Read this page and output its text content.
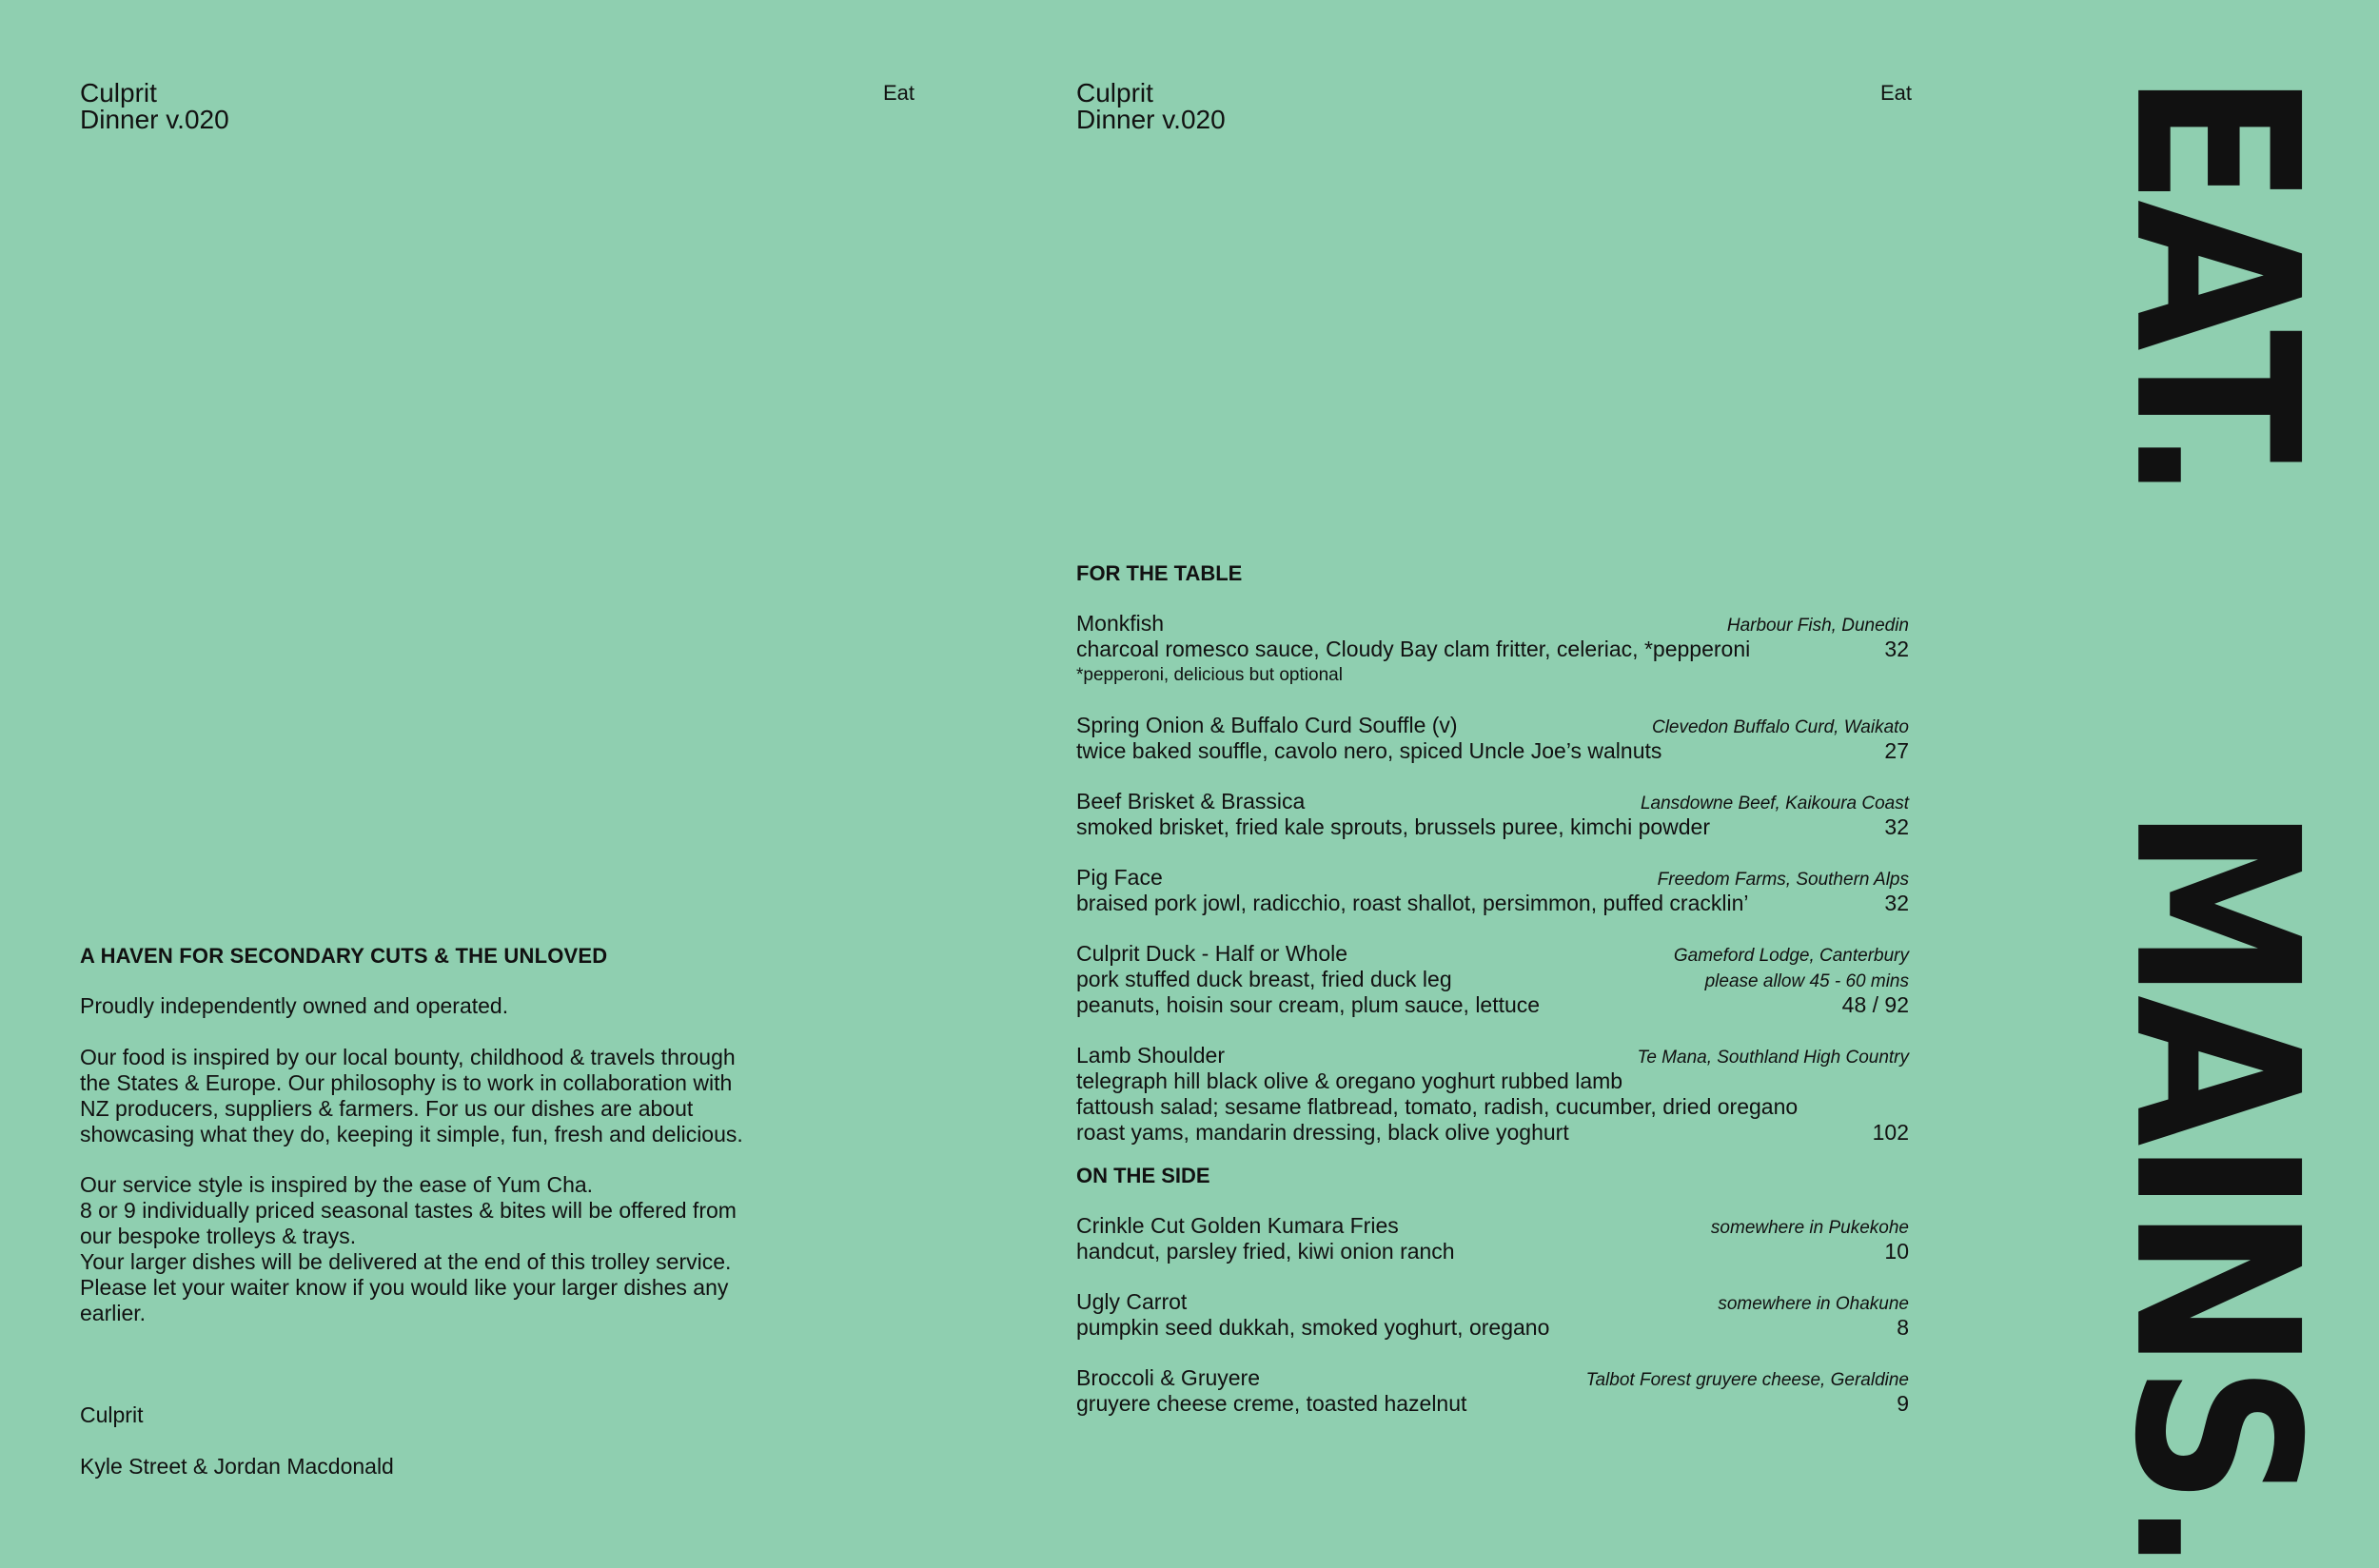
Culprit
Dinner v.020
Eat
A HAVEN FOR SECONDARY CUTS & THE UNLOVED
Proudly independently owned and operated.
Our food is inspired by our local bounty, childhood & travels through
the States & Europe. Our philosophy is to work in collaboration with
NZ producers, suppliers & farmers. For us our dishes are about
showcasing what they do, keeping it simple, fun, fresh and delicious.
Our service style is inspired by the ease of Yum Cha.
8 or 9 individually priced seasonal tastes & bites will be offered from
our bespoke trolleys & trays.
Your larger dishes will be delivered at the end of this trolley service.
Please let your waiter know if you would like your larger dishes any
earlier.

Culprit

Kyle Street & Jordan Macdonald

Culprit
Dinner v.020
Eat
FOR THE TABLE
Monkfish	Harbour Fish, Dunedin
charcoal romesco sauce, Cloudy Bay clam fritter, celeriac, *pepperoni	32
*pepperoni, delicious but optional
Spring Onion & Buffalo Curd Souffle (v)	Clevedon Buffalo Curd, Waikato
twice baked souffle, cavolo nero, spiced Uncle Joe’s walnuts	27
Beef Brisket & Brassica	Lansdowne Beef, Kaikoura Coast
smoked brisket, fried kale sprouts, brussels puree, kimchi powder	32
Pig Face	Freedom Farms, Southern Alps
braised pork jowl, radicchio, roast shallot, persimmon, puffed cracklin’	32
Culprit Duck - Half or Whole	Gameford Lodge, Canterbury
pork stuffed duck breast, fried duck leg	please allow 45 - 60 mins
peanuts, hoisin sour cream, plum sauce, lettuce	48 / 92
Lamb Shoulder	Te Mana, Southland High Country
telegraph hill black olive & oregano yoghurt rubbed lamb
fattoush salad; sesame flatbread, tomato, radish, cucumber, dried oregano
roast yams, mandarin dressing, black olive yoghurt	102
ON THE SIDE
Crinkle Cut Golden Kumara Fries	somewhere in Pukekohe
handcut, parsley fried, kiwi onion ranch	10
Ugly Carrot	somewhere in Ohakune
pumpkin seed dukkah, smoked yoghurt, oregano	8
Broccoli & Gruyere	Talbot Forest gruyere cheese, Geraldine
gruyere cheese creme, toasted hazelnut	9
EAT.
MAINS.
